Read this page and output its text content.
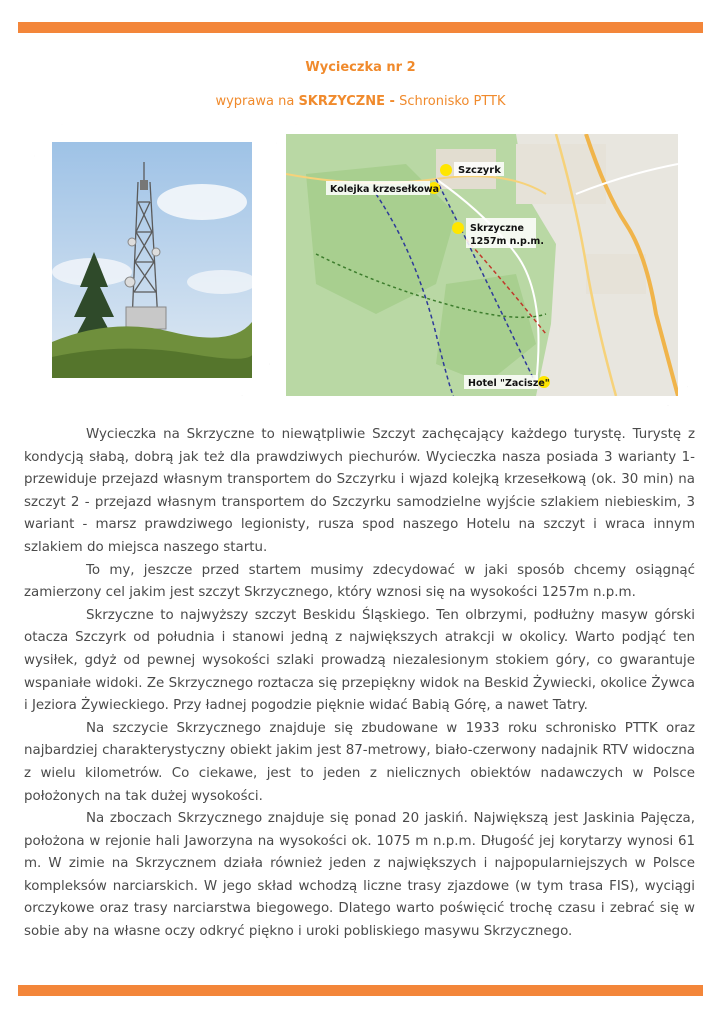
Wycieczka nr 2
wyprawa na SKRZYCZNE - Schronisko PTTK
Szczyrk
Kolejka krzesełkowa
Skrzyczne
1257m n.p.m.
Hotel "Zacisze"

Wycieczka na Skrzyczne to niewątpliwie Szczyt zachęcający każdego turystę. Turystę z kondycją słabą, dobrą jak też dla prawdziwych piechurów. Wycieczka nasza posiada 3 warianty 1- przewiduje przejazd własnym transportem do Szczyrku i wjazd kolejką krzesełkową (ok. 30 min) na szczyt 2 - przejazd własnym transportem do Szczyrku samodzielne wyjście szlakiem niebieskim, 3 wariant - marsz prawdziwego legionisty, rusza spod naszego Hotelu na szczyt i wraca innym szlakiem do miejsca naszego startu.

To my, jeszcze przed startem musimy zdecydować w jaki sposób chcemy osiągnąć zamierzony cel jakim jest szczyt Skrzycznego, który wznosi się na wysokości 1257m n.p.m.

Skrzyczne to najwyższy szczyt Beskidu Śląskiego. Ten olbrzymi, podłużny masyw górski otacza Szczyrk od południa i stanowi jedną z największych atrakcji w okolicy. Warto podjąć ten wysiłek, gdyż od pewnej wysokości szlaki prowadzą niezalesionym stokiem góry, co gwarantuje wspaniałe widoki. Ze Skrzycznego roztacza się przepiękny widok na Beskid Żywiecki, okolice Żywca i Jeziora Żywieckiego. Przy ładnej pogodzie pięknie widać Babią Górę, a nawet Tatry.

Na szczycie Skrzycznego znajduje się zbudowane w 1933 roku schronisko PTTK oraz najbardziej charakterystyczny obiekt jakim jest 87-metrowy, biało-czerwony nadajnik RTV widoczna z wielu kilometrów. Co ciekawe, jest to jeden z nielicznych obiektów nadawczych w Polsce położonych na tak dużej wysokości.

Na zboczach Skrzycznego znajduje się ponad 20 jaskiń. Największą jest Jaskinia Pajęcza, położona w rejonie hali Jaworzyna na wysokości ok. 1075 m n.p.m. Długość jej korytarzy wynosi 61 m. W zimie na Skrzycznem działa również jeden z największych i najpopularniejszych w Polsce kompleksów narciarskich. W jego skład wchodzą liczne trasy zjazdowe (w tym trasa FIS), wyciągi orczykowe oraz trasy narciarstwa biegowego. Dlatego warto poświęcić trochę czasu i zebrać się w sobie aby na własne oczy odkryć piękno i uroki pobliskiego masywu Skrzycznego.
